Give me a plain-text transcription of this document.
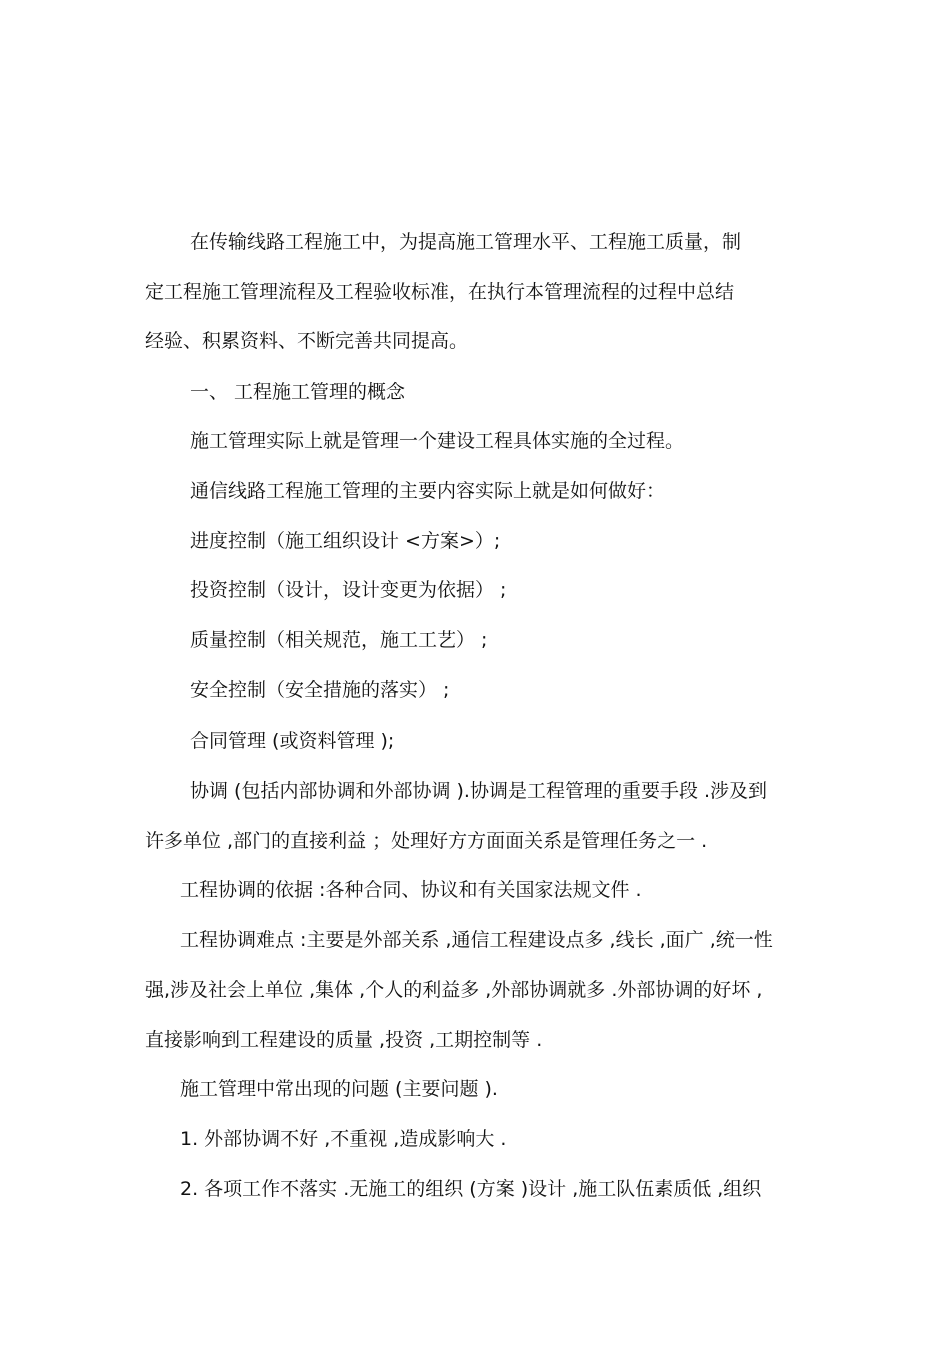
在传输线路工程施工中，为提高施工管理水平、工程施工质量，制
定工程施工管理流程及工程验收标准，在执行本管理流程的过程中总结
经验、积累资料、不断完善共同提高。
一、 工程施工管理的概念
施工管理实际上就是管理一个建设工程具体实施的全过程。
通信线路工程施工管理的主要内容实际上就是如何做好：
进度控制（施工组织设计 <方案>）;
投资控制（设计，设计变更为依据） ;
质量控制（相关规范，施工工艺） ;
安全控制（安全措施的落实） ;
合同管理 (或资料管理 );
协调 (包括内部协调和外部协调 ).协调是工程管理的重要手段 .涉及到
许多单位 ,部门的直接利益 ；处理好方方面面关系是管理任务之一 .
工程协调的依据 :各种合同、协议和有关国家法规文件 .
工程协调难点 :主要是外部关系 ,通信工程建设点多 ,线长 ,面广 ,统一性
强,涉及社会上单位 ,集体 ,个人的利益多 ,外部协调就多 .外部协调的好坏 ,
直接影响到工程建设的质量 ,投资 ,工期控制等 .
施工管理中常出现的问题 (主要问题 ).
1. 外部协调不好 ,不重视 ,造成影响大 .
2. 各项工作不落实 .无施工的组织 (方案 )设计 ,施工队伍素质低 ,组织
